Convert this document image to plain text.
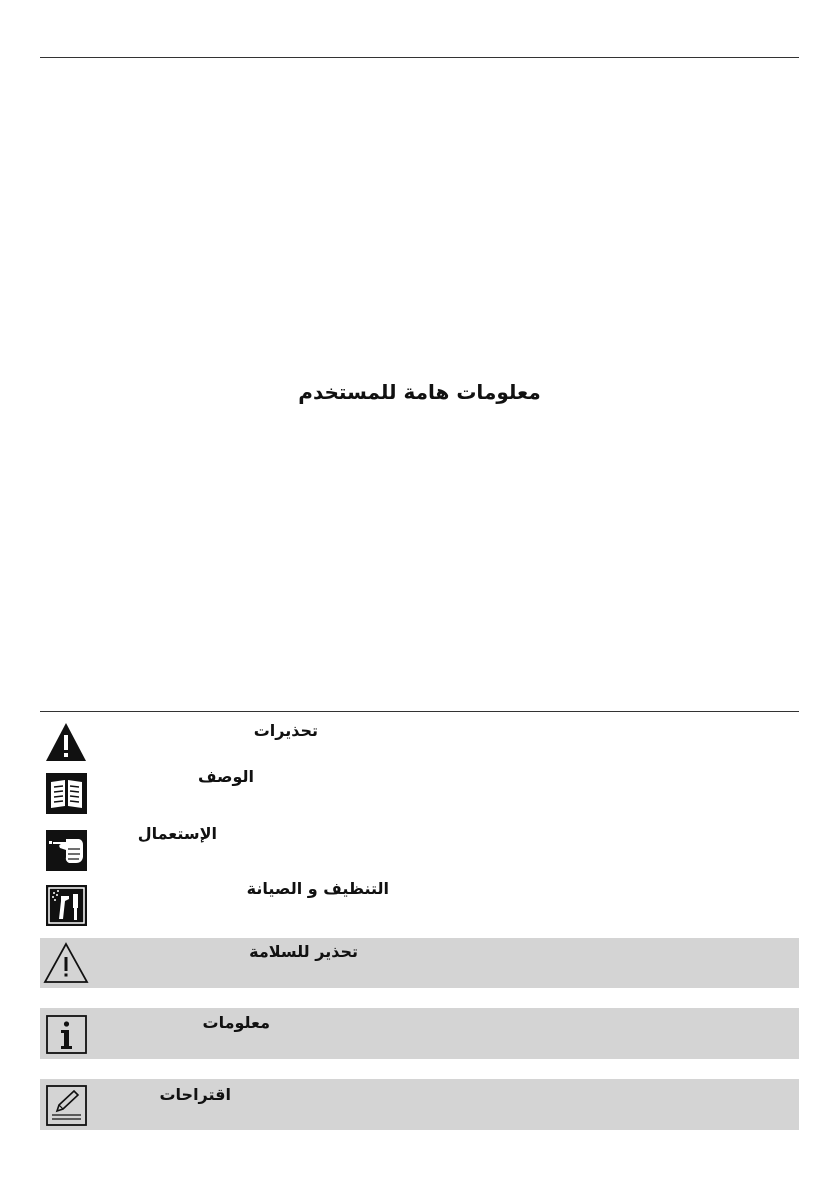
معلومات هامة للمستخدم
تحذيرات
الوصف
الإستعمال
التنظيف و الصيانة
تحذير للسلامة
معلومات
اقتراحات
